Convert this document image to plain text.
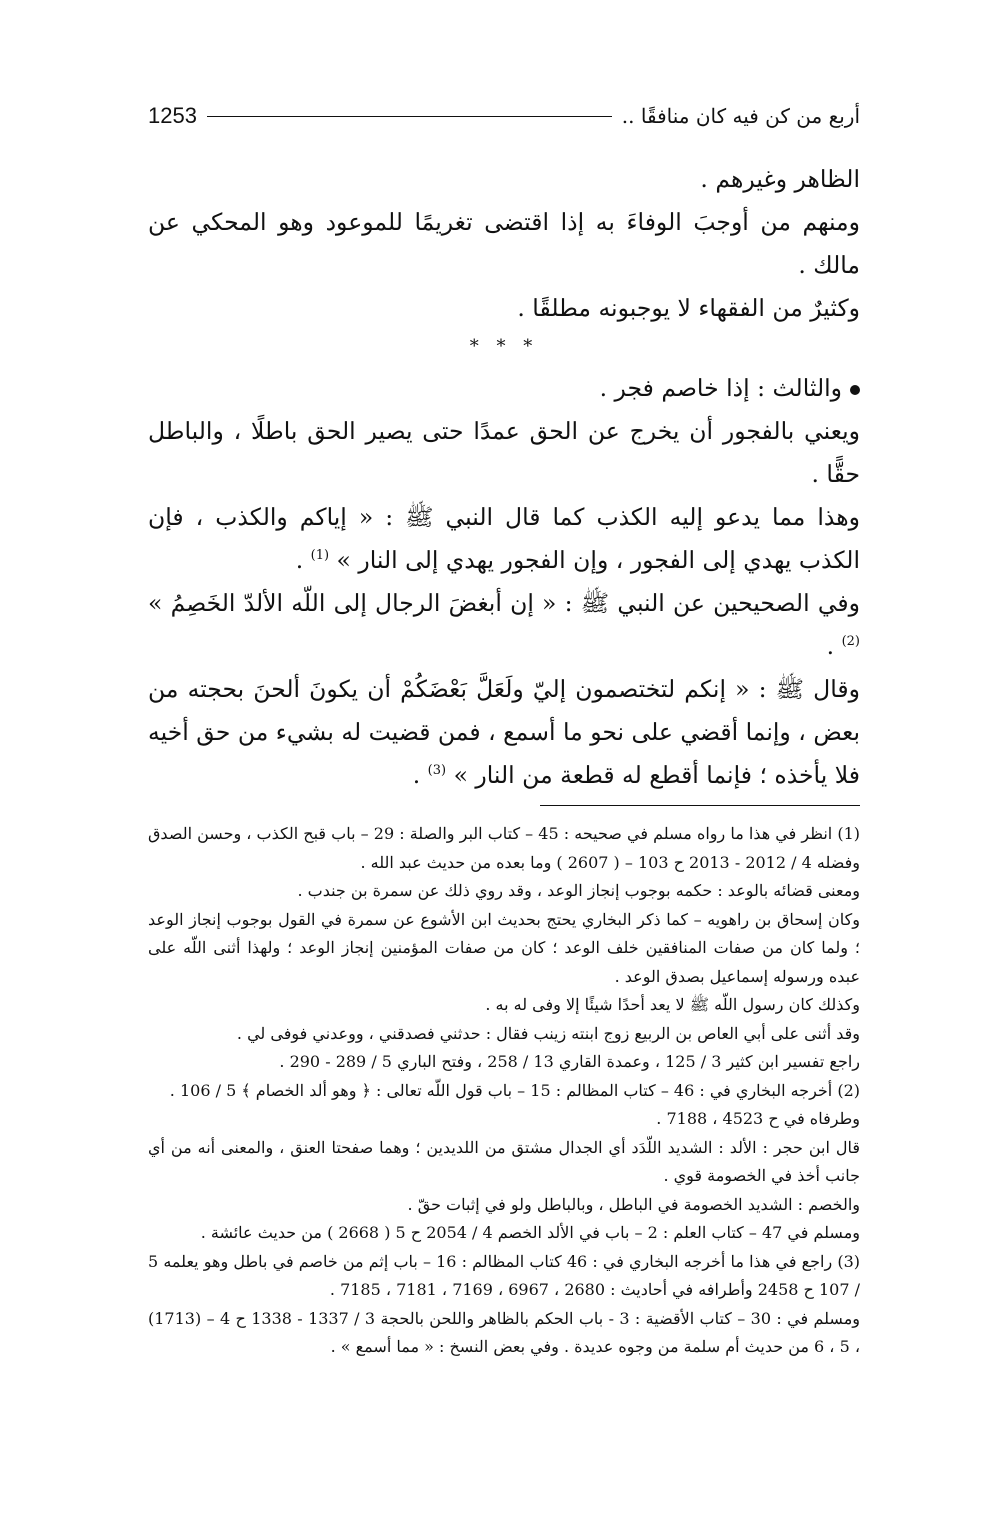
أربع من كن فيه كان منافقًا ..
1253
الظاهر وغيرهم .
ومنهم من أوجبَ الوفاءَ به إذا اقتضى تغريمًا للموعود وهو المحكي عن مالك .
وكثيرٌ من الفقهاء لا يوجبونه مطلقًا .
* * *
والثالث : إذا خاصم فجر .
ويعني بالفجور أن يخرج عن الحق عمدًا حتى يصير الحق باطلًا ، والباطل حقًّا .
وهذا مما يدعو إليه الكذب كما قال النبي ﷺ : « إياكم والكذب ، فإن الكذب يهدي إلى الفجور ، وإن الفجور يهدي إلى النار » $^{(1)}$ .
وفي الصحيحين عن النبي ﷺ : « إن أبغضَ الرجال إلى اللّه الألدّ الخَصِمُ » $^{(2)}$ .
وقال ﷺ : « إنكم لتختصمون إليّ ولَعَلَّ بَعْضَكُمْ أن يكونَ ألحنَ بحجته من بعض ، وإنما أقضي على نحو ما أسمع ، فمن قضيت له بشيء من حق أخيه فلا يأخذه ؛ فإنما أقطع له قطعة من النار » $^{(3)}$ .
(1) انظر في هذا ما رواه مسلم في صحيحه : 45 – كتاب البر والصلة : 29 – باب قبح الكذب ، وحسن الصدق وفضله 4 / 2012 - 2013 ح 103 – ( 2607 ) وما بعده من حديث عبد الله .
ومعنى قضائه بالوعد : حكمه بوجوب إنجاز الوعد ، وقد روي ذلك عن سمرة بن جندب .
وكان إسحاق بن راهويه – كما ذكر البخاري يحتج بحديث ابن الأشوع عن سمرة في القول بوجوب إنجاز الوعد ؛ ولما كان من صفات المنافقين خلف الوعد ؛ كان من صفات المؤمنين إنجاز الوعد ؛ ولهذا أثنى اللّه على عبده ورسوله إسماعيل بصدق الوعد .
وكذلك كان رسول اللّه ﷺ لا يعد أحدًا شيئًا إلا وفى له به .
وقد أثنى على أبي العاص بن الربيع زوج ابنته زينب فقال : حدثني فصدقني ، ووعدني فوفى لي .
راجع تفسير ابن كثير 3 / 125 ، وعمدة القاري 13 / 258 ، وفتح الباري 5 / 289 - 290 .
(2) أخرجه البخاري في : 46 – كتاب المظالم : 15 – باب قول اللّه تعالى : ﴿ وهو ألد الخصام ﴾ 5 / 106 .
وطرفاه في ح 4523 ، 7188 .
قال ابن حجر : الألد : الشديد اللّدَد أي الجدال مشتق من اللديدين ؛ وهما صفحتا العنق ، والمعنى أنه من أي جانب أخذ في الخصومة قوي .
والخصم : الشديد الخصومة في الباطل ، وبالباطل ولو في إثبات حقّ .
ومسلم في 47 – كتاب العلم : 2 – باب في الألد الخصم 4 / 2054 ح 5 ( 2668 ) من حديث عائشة .
(3) راجع في هذا ما أخرجه البخاري في : 46 كتاب المظالم : 16 – باب إثم من خاصم في باطل وهو يعلمه 5 / 107 ح 2458 وأطرافه في أحاديث : 2680 ، 6967 ، 7169 ، 7181 ، 7185 .
ومسلم في : 30 – كتاب الأقضية : 3 - باب الحكم بالظاهر واللحن بالحجة 3 / 1337 - 1338 ح 4 – (1713) ، 5 ، 6 من حديث أم سلمة من وجوه عديدة . وفي بعض النسخ : « مما أسمع » .
